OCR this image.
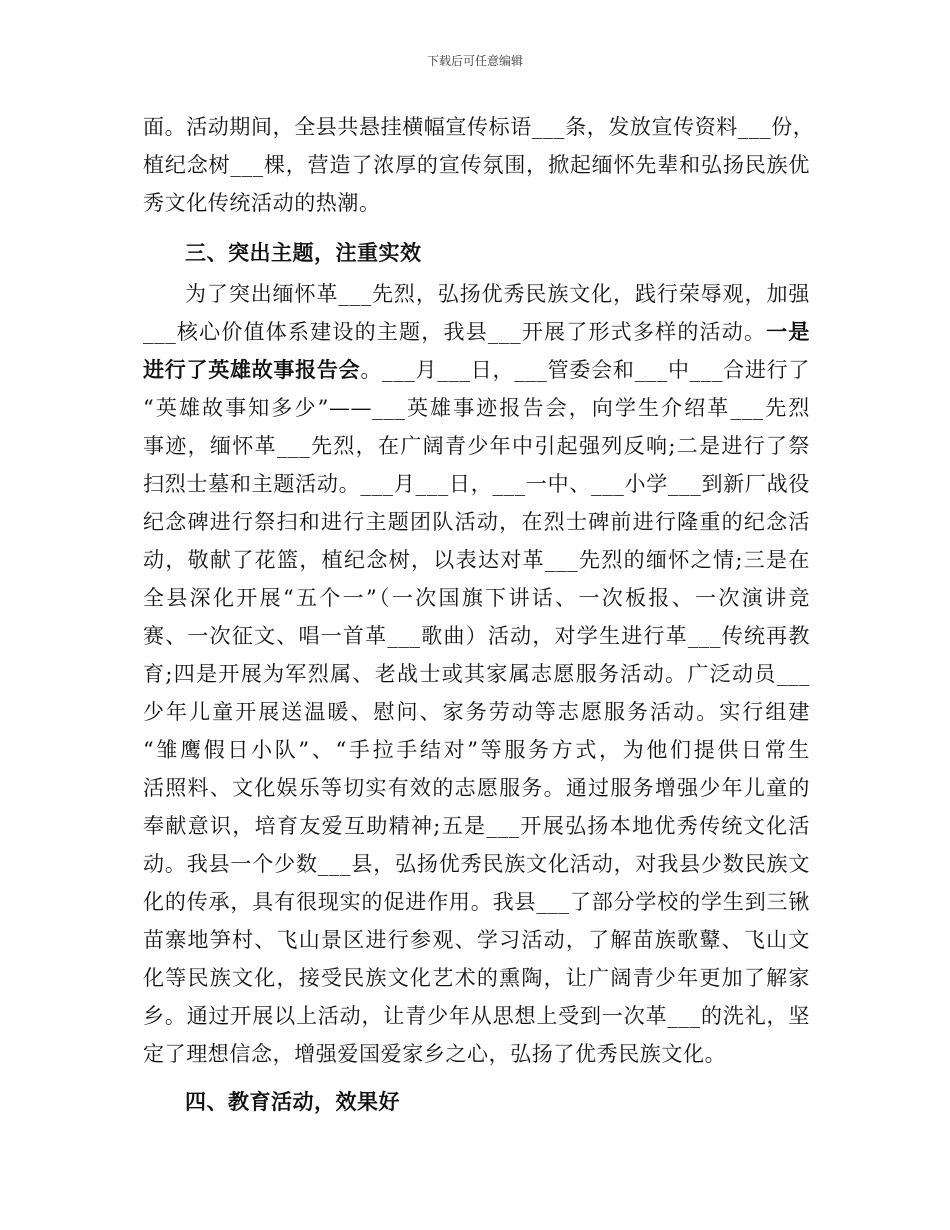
下载后可任意编辑
面。活动期间，全县共悬挂横幅宣传标语___条，发放宣传资料___份，
植纪念树___棵，营造了浓厚的宣传氛围，掀起缅怀先辈和弘扬民族优
秀文化传统活动的热潮。
三、突出主题，注重实效
为了突出缅怀革___先烈，弘扬优秀民族文化，践行荣辱观，加强
___核心价值体系建设的主题，我县___开展了形式多样的活动。一是
进行了英雄故事报告会。___月___日，___管委会和___中___合进行了
“英雄故事知多少”——___英雄事迹报告会，向学生介绍革___先烈
事迹，缅怀革___先烈，在广阔青少年中引起强列反响;二是进行了祭
扫烈士墓和主题活动。___月___日，___一中、___小学___到新厂战役
纪念碑进行祭扫和进行主题团队活动，在烈士碑前进行隆重的纪念活
动，敬献了花篮，植纪念树，以表达对革___先烈的缅怀之情;三是在
全县深化开展“五个一”（一次国旗下讲话、一次板报、一次演讲竞
赛、一次征文、唱一首革___歌曲）活动，对学生进行革___传统再教
育;四是开展为军烈属、老战士或其家属志愿服务活动。广泛动员___
少年儿童开展送温暖、慰问、家务劳动等志愿服务活动。实行组建
“雏鹰假日小队”、“手拉手结对”等服务方式，为他们提供日常生
活照料、文化娱乐等切实有效的志愿服务。通过服务增强少年儿童的
奉献意识，培育友爱互助精神;五是___开展弘扬本地优秀传统文化活
动。我县一个少数___县，弘扬优秀民族文化活动，对我县少数民族文
化的传承，具有很现实的促进作用。我县___了部分学校的学生到三锹
苗寨地笋村、飞山景区进行参观、学习活动，了解苗族歌鼙、飞山文
化等民族文化，接受民族文化艺术的熏陶，让广阔青少年更加了解家
乡。通过开展以上活动，让青少年从思想上受到一次革___的洗礼，坚
定了理想信念，增强爱国爱家乡之心，弘扬了优秀民族文化。
四、教育活动，效果好
